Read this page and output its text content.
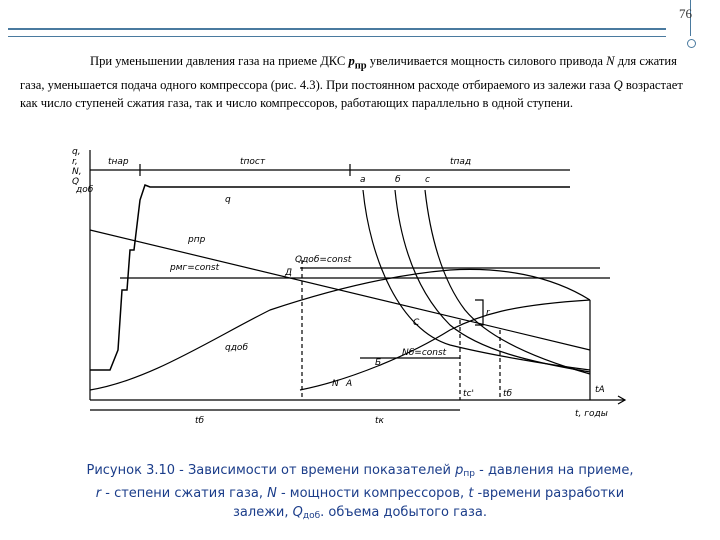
76
При уменьшении давления газа на приеме ДКС $p_{пр}$ увеличивается мощность силового привода N для сжатия газа, уменьшается подача одного компрессора (рис. 4.3). При постоянном расходе отбираемого из залежи газа Q возрастает как число ступеней сжатия газа, так и число компрессоров, работающих параллельно в одной ступени.
q,
r,
N,
Q
доб
tнар	tпост	tпад
q
а	б	с
pпр
pмг=const
qдоб
Qдоб=const
Д
r
С
Б
Nб=const
N А
tс'	tб	tА
tб	tк
t, годы
Рисунок 3.10 - Зависимости от времени показателей $p_{пр}$ - давления на приеме,
r - степени сжатия газа, N - мощности компрессоров, t -времени разработки
залежи, $Q_{доб}$. объема добытого газа.
